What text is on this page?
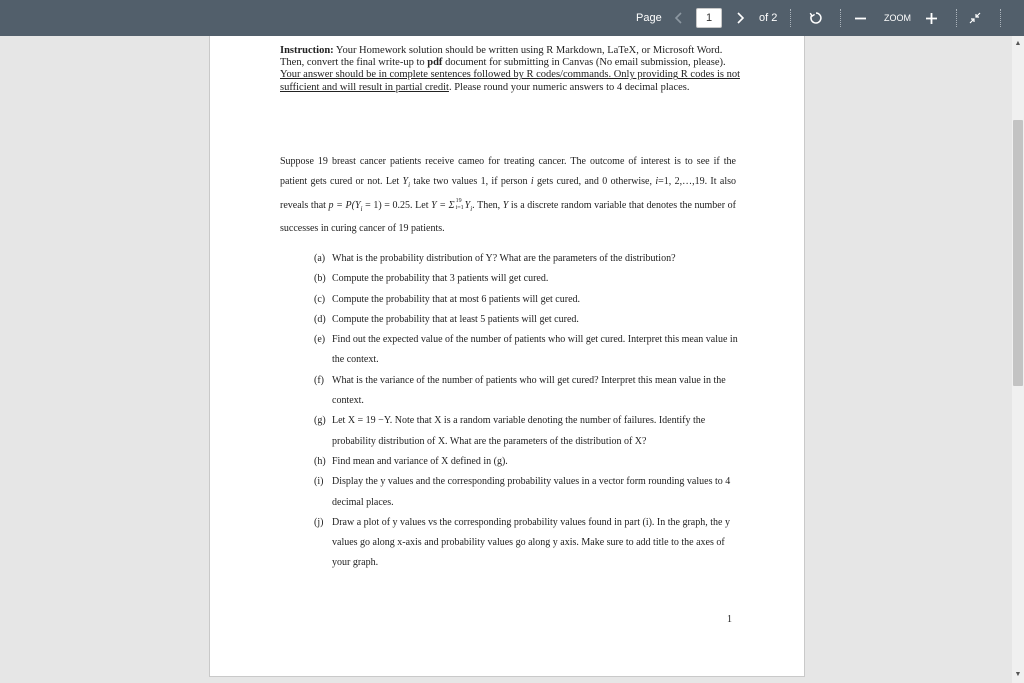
Page
1	of 2	ZOOM
Instruction: Your Homework solution should be written using R Markdown, LaTeX, or Microsoft Word. Then, convert the final write-up to pdf document for submitting in Canvas (No email submission, please). Your answer should be in complete sentences followed by R codes/commands. Only providing R codes is not sufficient and will result in partial credit. Please round your numeric answers to 4 decimal places.
Suppose 19 breast cancer patients receive cameo for treating cancer. The outcome of interest is to see if the patient gets cured or not. Let $Y_i$ take two values 1, if person i gets cured, and 0 otherwise, i=1, 2,…,19. It also reveals that $p = P(Y_i = 1) = 0.25$. Let Y = Σ19
$i=1Y_i$. Then, Y is a discrete random variable that denotes the number of successes in curing cancer of 19 patients.
(a) What is the probability distribution of Y? What are the parameters of the distribution?
(b) Compute the probability that 3 patients will get cured.
(c) Compute the probability that at most 6 patients will get cured.
(d) Compute the probability that at least 5 patients will get cured.
(e) Find out the expected value of the number of patients who will get cured. Interpret this mean value in the context.
(f) What is the variance of the number of patients who will get cured? Interpret this mean value in the context.
(g) Let X = 19 −Y. Note that X is a random variable denoting the number of failures. Identify the probability distribution of X. What are the parameters of the distribution of X?
(h) Find mean and variance of X defined in (g).
(i) Display the y values and the corresponding probability values in a vector form rounding values to 4 decimal places.
(j) Draw a plot of y values vs the corresponding probability values found in part (i). In the graph, the y values go along x-axis and probability values go along y axis. Make sure to add title to the axes of your graph.
1
▲
▼
